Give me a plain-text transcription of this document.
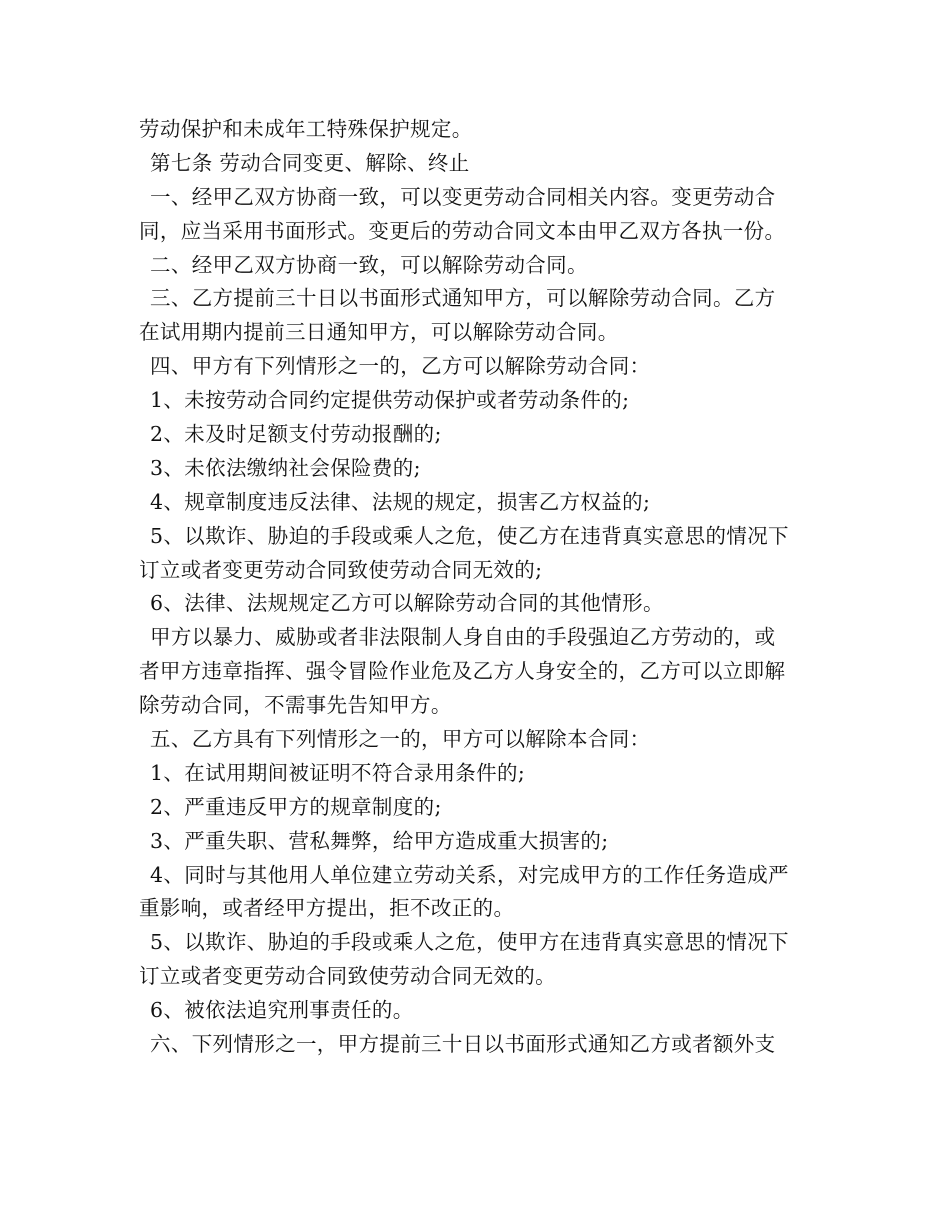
劳动保护和未成年工特殊保护规定。
第七条 劳动合同变更、解除、终止
一、经甲乙双方协商一致，可以变更劳动合同相关内容。变更劳动合
同，应当采用书面形式。变更后的劳动合同文本由甲乙双方各执一份。
二、经甲乙双方协商一致，可以解除劳动合同。
三、乙方提前三十日以书面形式通知甲方，可以解除劳动合同。乙方
在试用期内提前三日通知甲方，可以解除劳动合同。
四、甲方有下列情形之一的，乙方可以解除劳动合同：
1、未按劳动合同约定提供劳动保护或者劳动条件的;
2、未及时足额支付劳动报酬的;
3、未依法缴纳社会保险费的;
4、规章制度违反法律、法规的规定，损害乙方权益的;
5、以欺诈、胁迫的手段或乘人之危，使乙方在违背真实意思的情况下
订立或者变更劳动合同致使劳动合同无效的;
6、法律、法规规定乙方可以解除劳动合同的其他情形。
甲方以暴力、威胁或者非法限制人身自由的手段强迫乙方劳动的，或
者甲方违章指挥、强令冒险作业危及乙方人身安全的，乙方可以立即解
除劳动合同，不需事先告知甲方。
五、乙方具有下列情形之一的，甲方可以解除本合同：
1、在试用期间被证明不符合录用条件的;
2、严重违反甲方的规章制度的;
3、严重失职、营私舞弊，给甲方造成重大损害的;
4、同时与其他用人单位建立劳动关系，对完成甲方的工作任务造成严
重影响，或者经甲方提出，拒不改正的。
5、以欺诈、胁迫的手段或乘人之危，使甲方在违背真实意思的情况下
订立或者变更劳动合同致使劳动合同无效的。
6、被依法追究刑事责任的。
六、下列情形之一，甲方提前三十日以书面形式通知乙方或者额外支
